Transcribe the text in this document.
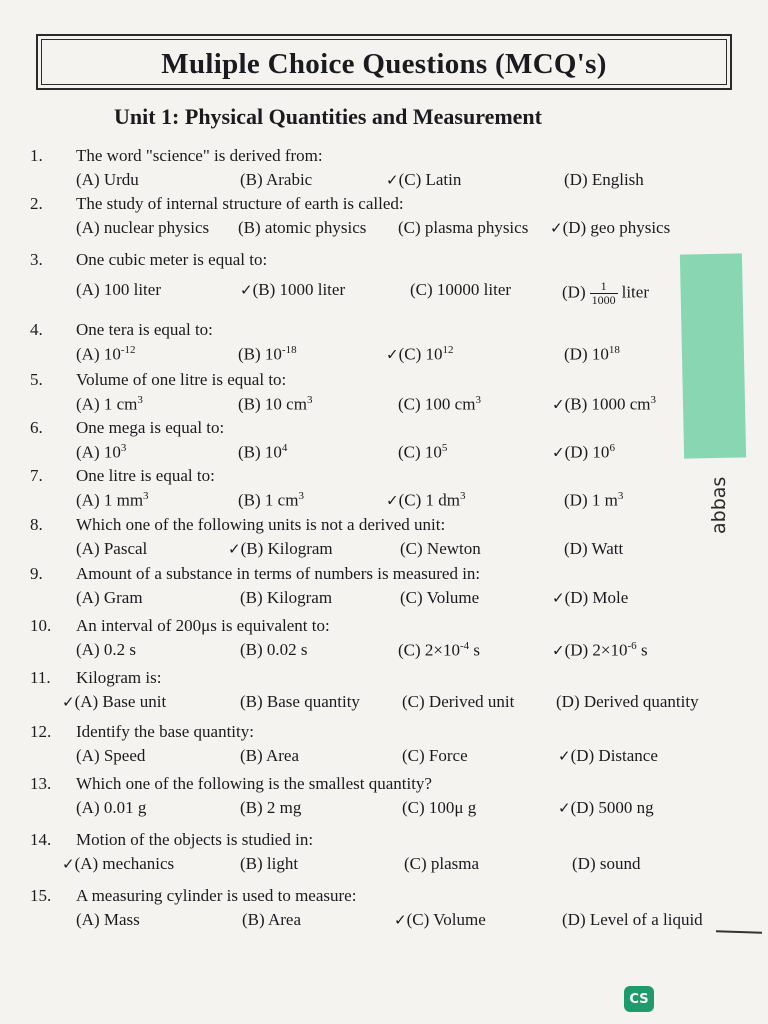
Muliple Choice Questions (MCQ's)
Unit 1: Physical Quantities and Measurement
abbas
1. The word "science" is derived from:
(A) Urdu	(B) Arabic	✓(C) Latin	(D) English
2. The study of internal structure of earth is called:
(A) nuclear physics (B) atomic physics (C) plasma physics ✓(D) geo physics
3. One cubic meter is equal to:
(A) 100 liter	✓(B) 1000 liter	(C) 10000 liter	$(D) \frac{1}{1000}$ liter
4. One tera is equal to:
(A) $10^{-12}$	(B) $10^{-18}$	✓(C) $10^{12}$	(D) $10^{18}$
5. Volume of one litre is equal to:
(A) 1 $cm^3$	(B) 10 $cm^3$	(C) 100 $cm^3$	✓(B) 1000 $cm^3$
6. One mega is equal to:
(A) $10^3$	(B) $10^4$	(C) $10^5$	✓(D) $10^6$
7. One litre is equal to:
(A) 1 $mm^3$	(B) 1 $cm^3$	✓(C) 1 $dm^3$	(D) 1 $m^3$
8. Which one of the following units is not a derived unit:
(A) Pascal	✓(B) Kilogram	(C) Newton	(D) Watt
9. Amount of a substance in terms of numbers is measured in:
(A) Gram	(B) Kilogram	(C) Volume	✓(D) Mole
10. An interval of 200μs is equivalent to:
(A) 0.2 s	(B) 0.02 s	(C) $2\times 10^{-4}$ s	✓(D) $2\times 10^{-6}$ s
11. Kilogram is:
✓(A) Base unit	(B) Base quantity (C) Derived unit (D) Derived quantity
12. Identify the base quantity:
(A) Speed	(B) Area	(C) Force	✓(D) Distance
13. Which one of the following is the smallest quantity?
(A) 0.01 g	(B) 2 mg	(C) 100μ g	✓(D) 5000 ng
14. Motion of the objects is studied in:
✓(A) mechanics	(B) light	(C) plasma	(D) sound
15. A measuring cylinder is used to measure:
(A) Mass	(B) Area	✓(C) Volume	(D) Level of a liquid
CS
